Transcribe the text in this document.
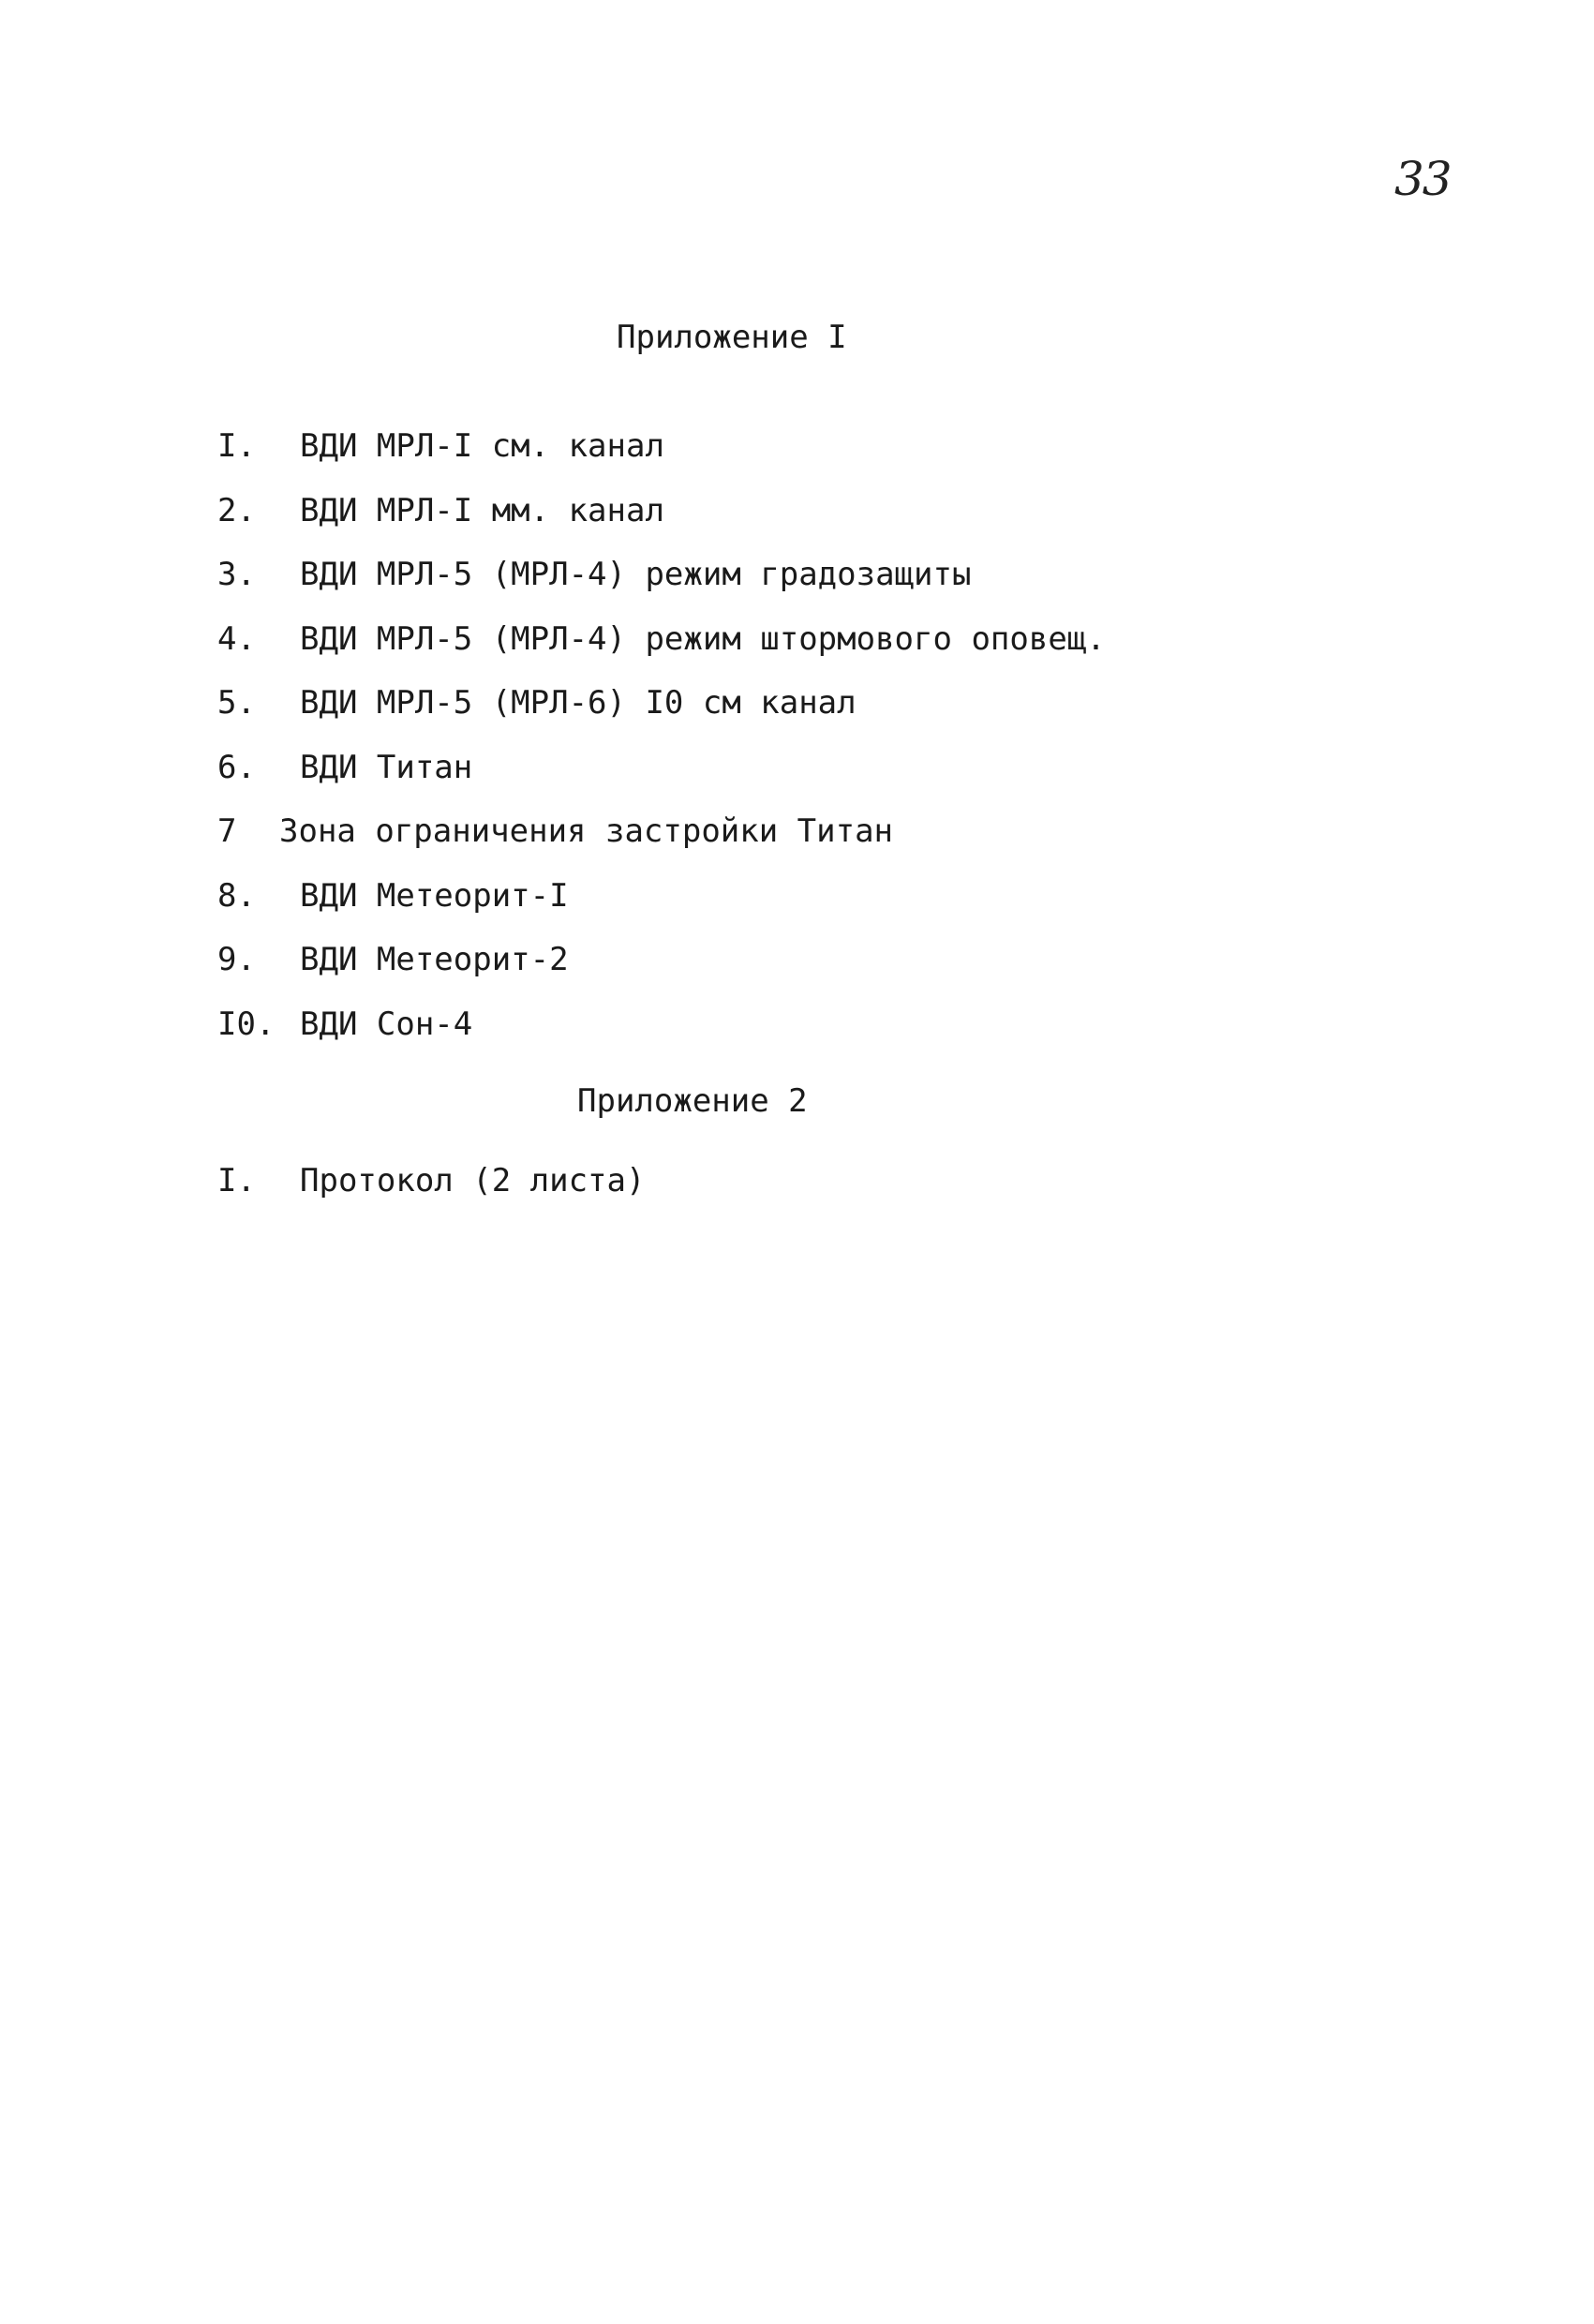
33
Приложение I
I.	ВДИ МРЛ-I см. канал
2.	ВДИ МРЛ-I мм. канал
3.	ВДИ МРЛ-5 (МРЛ-4) режим градозащиты
4.	ВДИ МРЛ-5 (МРЛ-4) режим штормового оповещ.
5.	ВДИ МРЛ-5 (МРЛ-6) I0 см канал
6.	ВДИ Титан
7	Зона ограничения застройки Титан
8.	ВДИ Метеорит-I
9.	ВДИ Метеорит-2
I0. ВДИ Сон-4
Приложение 2
I.	Протокол (2 листа)
